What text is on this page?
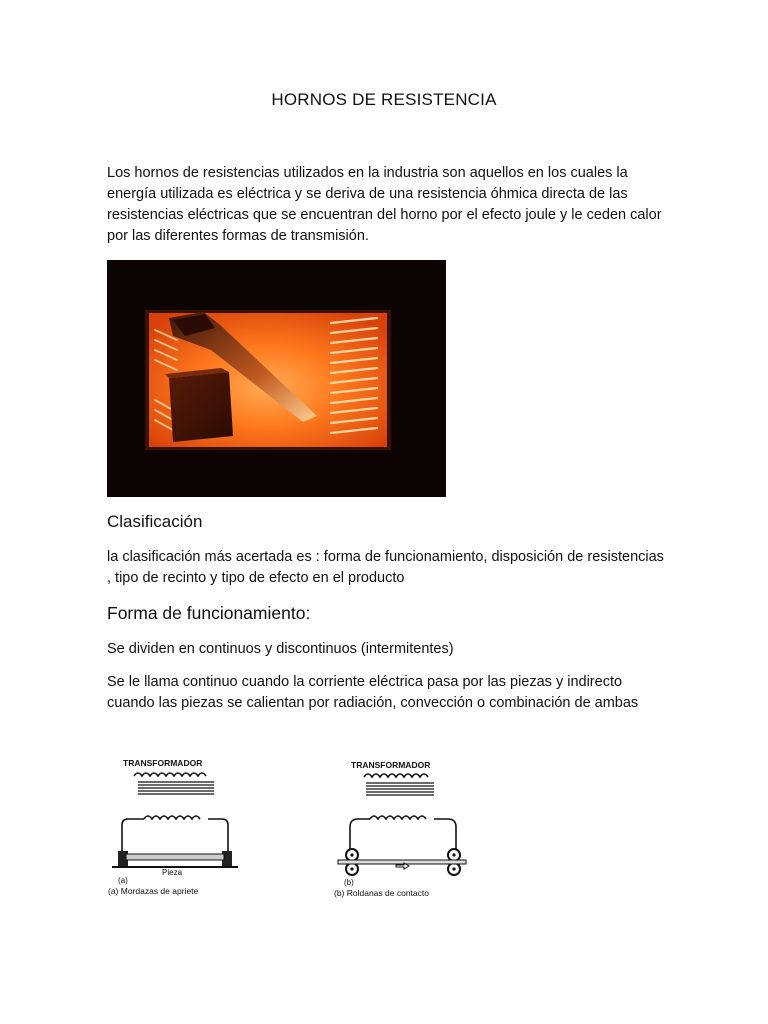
HORNOS DE RESISTENCIA
Los hornos de resistencias utilizados en la industria son aquellos en los cuales la energía utilizada es eléctrica y se deriva de una resistencia óhmica directa de las resistencias eléctricas que se encuentran del horno por el efecto joule y le ceden calor por las diferentes formas de transmisión.
Clasificación
la clasificación más acertada es : forma de funcionamiento, disposición de resistencias , tipo de recinto y tipo de efecto en el producto
Forma de funcionamiento:
Se dividen en continuos y discontinuos (intermitentes)
Se le llama continuo cuando la corriente eléctrica pasa por las piezas y indirecto cuando las piezas se calientan por radiación, convección o combinación de ambas
TRANSFORMADOR
Pieza
(a)
(a) Mordazas de apriete
TRANSFORMADOR
(b)
(b) Roldanas de contacto
